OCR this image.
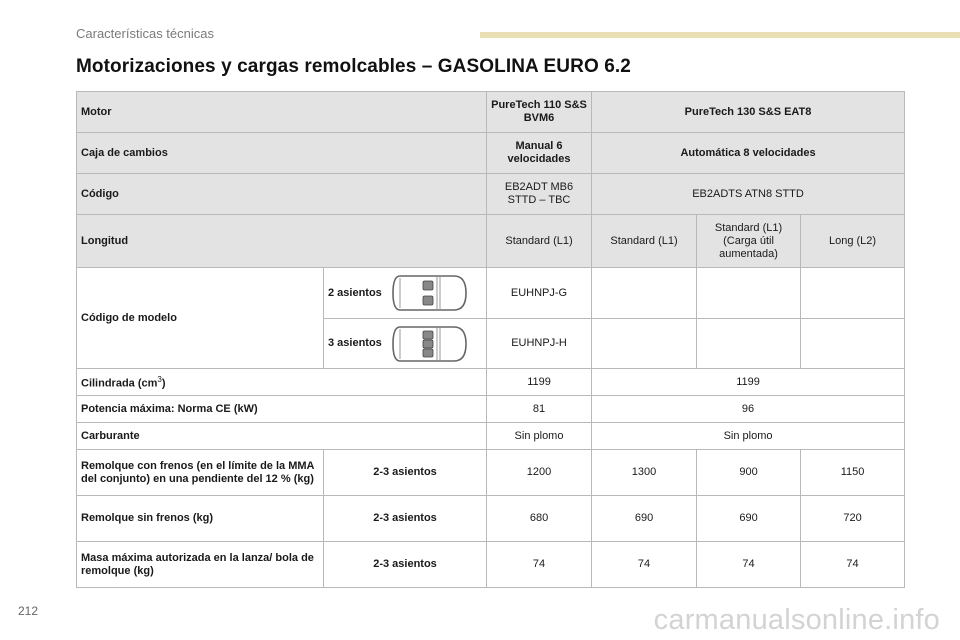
Características técnicas
Motorizaciones y cargas remolcables – GASOLINA EURO 6.2
Motor		PureTech 110 S&S BVM6	PureTech 130 S&S EAT8		
Caja de cambios		Manual 6 velocidades	Automática 8 velocidades		
Código		EB2ADT MB6 STTD – TBC	EB2ADTS ATN8 STTD		
Longitud		Standard (L1)	Standard (L1)	Standard (L1) (Carga útil aumentada)	Long (L2)
Código de modelo	2 asientos	EUHNPJ-G			

	3 asientos	EUHNPJ-H			
Cilindrada $(cm^3)$		1199	1199		
Potencia máxima: Norma CE (kW)		81	96		
Carburante		Sin plomo	Sin plomo		
Remolque con frenos (en el límite de la MMA del conjunto) en una pendiente del 12 % (kg)	2-3 asientos	1200	1300	900	1150
Remolque sin frenos (kg)	2-3 asientos	680	690	690	720
Masa máxima autorizada en la lanza/ bola de remolque (kg)	2-3 asientos	74	74	74	74
212	carmanualsonline.info
